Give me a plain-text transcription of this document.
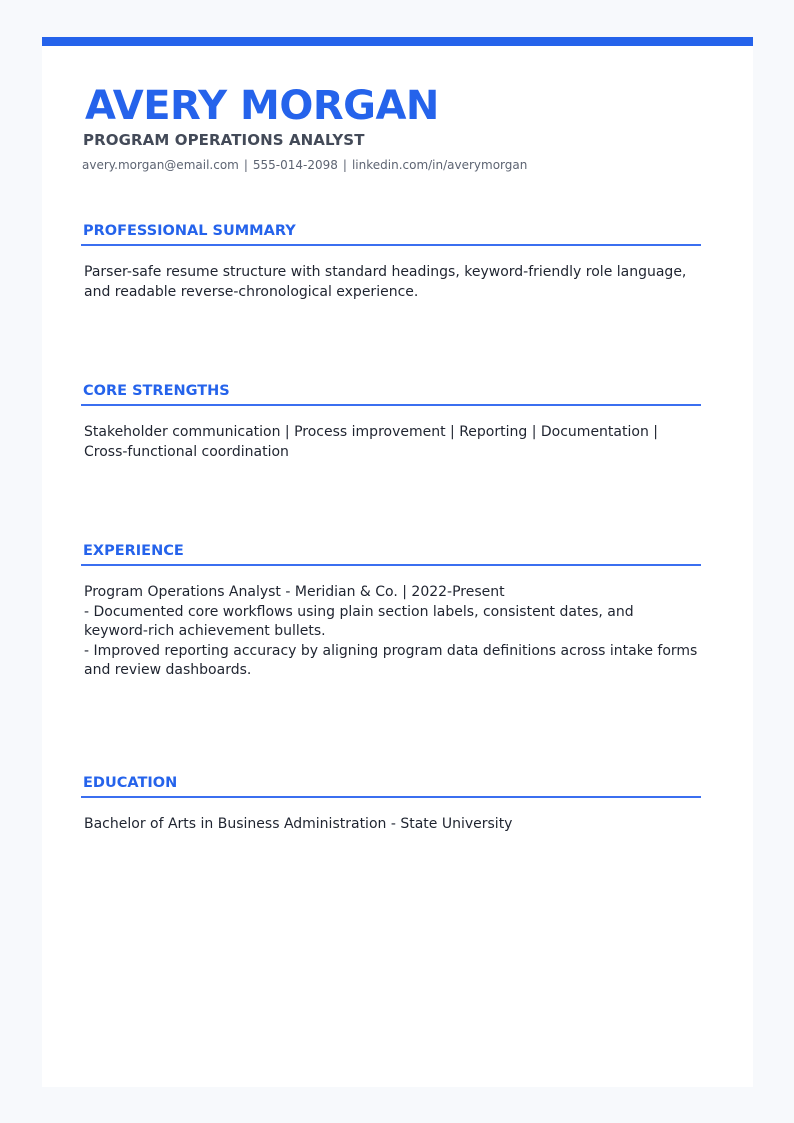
AVERY MORGAN
PROGRAM OPERATIONS ANALYST
avery.morgan@email.com | 555-014-2098 | linkedin.com/in/averymorgan
PROFESSIONAL SUMMARY

Parser-safe resume structure with standard headings, keyword-friendly role language, and readable reverse-chronological experience.

CORE STRENGTHS

Stakeholder communication | Process improvement | Reporting | Documentation | Cross-functional coordination

EXPERIENCE
Program Operations Analyst - Meridian & Co. | 2022-Present
- Documented core workflows using plain section labels, consistent dates, and keyword-rich achievement bullets.
- Improved reporting accuracy by aligning program data definitions across intake forms and review dashboards.
EDUCATION

Bachelor of Arts in Business Administration - State University
